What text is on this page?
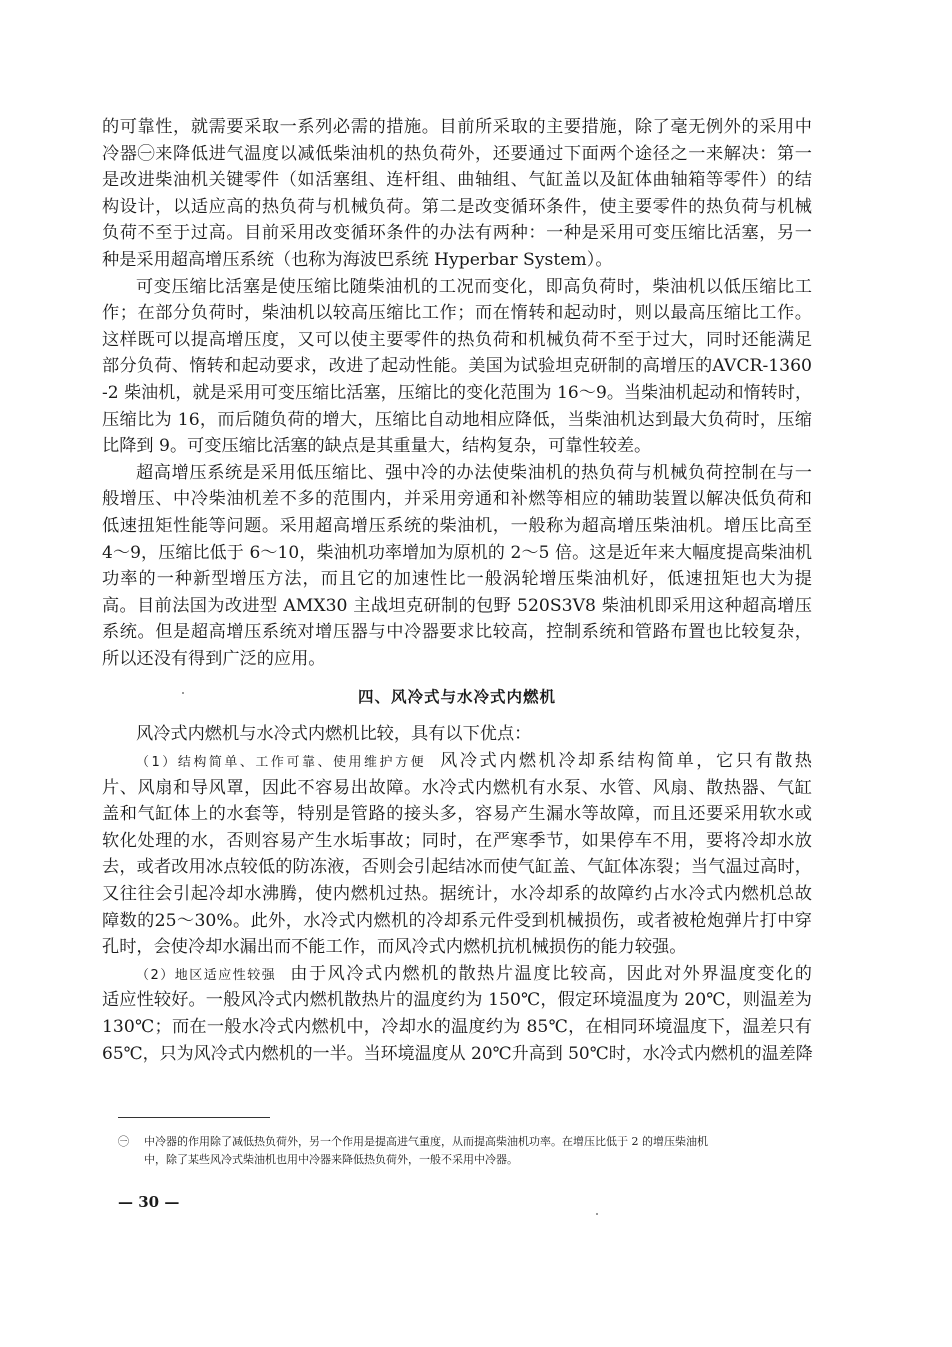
的可靠性，就需要采取一系列必需的措施。目前所采取的主要措施，除了毫无例外的采用中

冷器㊀来降低进气温度以减低柴油机的热负荷外，还要通过下面两个途径之一来解决：第一

是改进柴油机关键零件（如活塞组、连杆组、曲轴组、气缸盖以及缸体曲轴箱等零件）的结

构设计，以适应高的热负荷与机械负荷。第二是改变循环条件，使主要零件的热负荷与机械

负荷不至于过高。目前采用改变循环条件的办法有两种：一种是采用可变压缩比活塞，另一

种是采用超高增压系统（也称为海波巴系统 Hyperbar System）。

可变压缩比活塞是使压缩比随柴油机的工况而变化，即高负荷时，柴油机以低压缩比工

作；在部分负荷时，柴油机以较高压缩比工作；而在惰转和起动时，则以最高压缩比工作。

这样既可以提高增压度，又可以使主要零件的热负荷和机械负荷不至于过大，同时还能满足

部分负荷、惰转和起动要求，改进了起动性能。美国为试验坦克研制的高增压的AVCR-1360

-2 柴油机，就是采用可变压缩比活塞，压缩比的变化范围为 16～9。当柴油机起动和惰转时，

压缩比为 16，而后随负荷的增大，压缩比自动地相应降低，当柴油机达到最大负荷时，压缩

比降到 9。可变压缩比活塞的缺点是其重量大，结构复杂，可靠性较差。

超高增压系统是采用低压缩比、强中冷的办法使柴油机的热负荷与机械负荷控制在与一

般增压、中冷柴油机差不多的范围内，并采用旁通和补燃等相应的辅助装置以解决低负荷和

低速扭矩性能等问题。采用超高增压系统的柴油机，一般称为超高增压柴油机。增压比高至

4～9，压缩比低于 6～10，柴油机功率增加为原机的 2～5 倍。这是近年来大幅度提高柴油机

功率的一种新型增压方法，而且它的加速性比一般涡轮增压柴油机好，低速扭矩也大为提

高。目前法国为改进型 AMX30 主战坦克研制的包野 520S3V8 柴油机即采用这种超高增压

系统。但是超高增压系统对增压器与中冷器要求比较高，控制系统和管路布置也比较复杂，

所以还没有得到广泛的应用。

四、风冷式与水冷式内燃机

风冷式内燃机与水冷式内燃机比较，具有以下优点：

（1）结构简单、工作可靠、使用维护方便 风冷式内燃机冷却系结构简单，它只有散热

片、风扇和导风罩，因此不容易出故障。水冷式内燃机有水泵、水管、风扇、散热器、气缸

盖和气缸体上的水套等，特别是管路的接头多，容易产生漏水等故障，而且还要采用软水或

软化处理的水，否则容易产生水垢事故；同时，在严寒季节，如果停车不用，要将冷却水放

去，或者改用冰点较低的防冻液，否则会引起结冰而使气缸盖、气缸体冻裂；当气温过高时，

又往往会引起冷却水沸腾，使内燃机过热。据统计，水冷却系的故障约占水冷式内燃机总故

障数的25～30%。此外，水冷式内燃机的冷却系元件受到机械损伤，或者被枪炮弹片打中穿

孔时，会使冷却水漏出而不能工作，而风冷式内燃机抗机械损伤的能力较强。

（2）地区适应性较强 由于风冷式内燃机的散热片温度比较高，因此对外界温度变化的

适应性较好。一般风冷式内燃机散热片的温度约为 150℃，假定环境温度为 20℃，则温差为

130℃；而在一般水冷式内燃机中，冷却水的温度约为 85℃，在相同环境温度下，温差只有

65℃，只为风冷式内燃机的一半。当环境温度从 20℃升高到 50℃时，水冷式内燃机的温差降

㊀ 中冷器的作用除了减低热负荷外，另一个作用是提高进气重度，从而提高柴油机功率。在增压比低于 2 的增压柴油机

中，除了某些风冷式柴油机也用中冷器来降低热负荷外，一般不采用中冷器。

— 30 —
